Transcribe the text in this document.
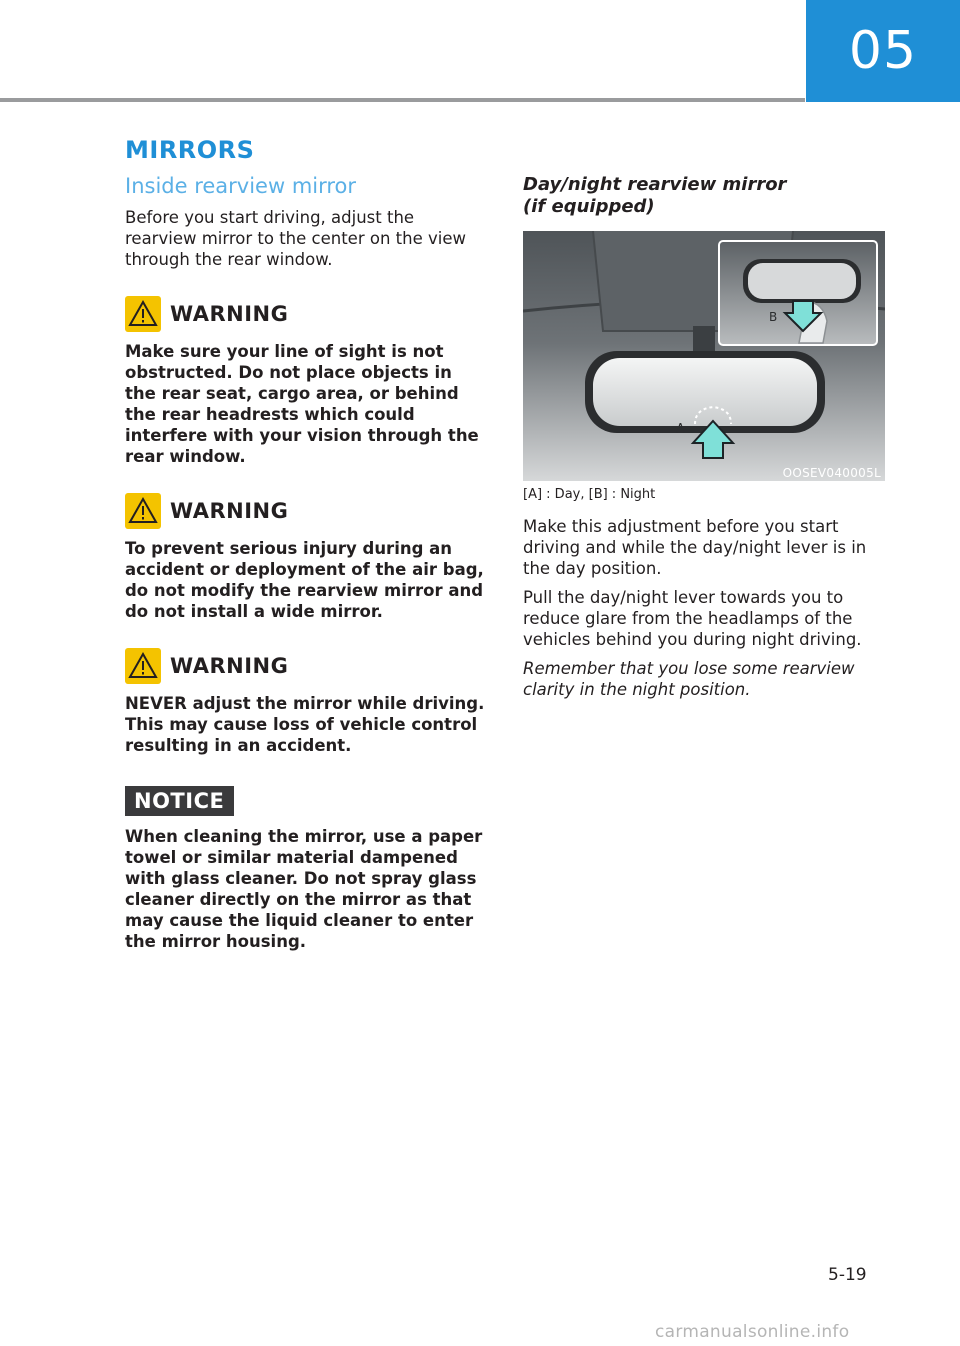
05
MIRRORS
Inside rearview mirror

Before you start driving, adjust the rearview mirror to the center on the view through the rear window.

WARNING

Make sure your line of sight is not obstructed. Do not place objects in the rear seat, cargo area, or behind the rear headrests which could interfere with your vision through the rear window.

WARNING

To prevent serious injury during an accident or deployment of the air bag, do not modify the rearview mirror and do not install a wide mirror.

WARNING

NEVER adjust the mirror while driving. This may cause loss of vehicle control resulting in an accident.

NOTICE

When cleaning the mirror, use a paper towel or similar material dampened with glass cleaner. Do not spray glass cleaner directly on the mirror as that may cause the liquid cleaner to enter the mirror housing.

Day/night rearview mirror
(if equipped)
A
B
OOSEV040005L

[A] : Day, [B] : Night

Make this adjustment before you start driving and while the day/night lever is in the day position.

Pull the day/night lever towards you to reduce glare from the headlamps of the vehicles behind you during night driving.

Remember that you lose some rearview clarity in the night position.

5-19
carmanualsonline.info
